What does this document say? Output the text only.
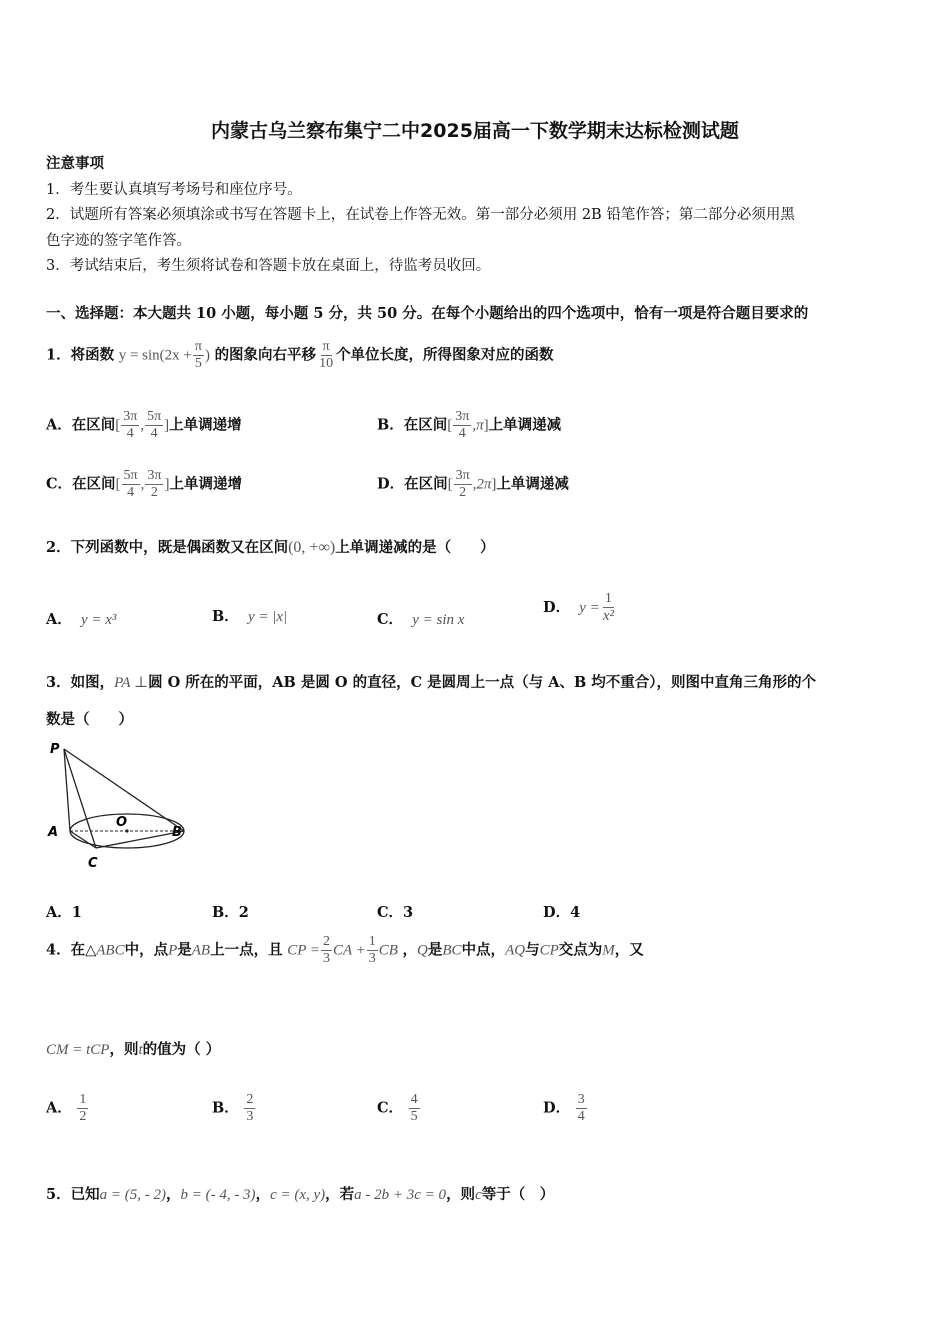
内蒙古乌兰察布集宁二中2025届高一下数学期末达标检测试题
注意事项
1．考生要认真填写考场号和座位序号。
2．试题所有答案必须填涂或书写在答题卡上，在试卷上作答无效。第一部分必须用 2B 铅笔作答；第二部分必须用黑
色字迹的签字笔作答。
3．考试结束后，考生须将试卷和答题卡放在桌面上，待监考员收回。
一、选择题：本大题共 10 小题，每小题 5 分，共 50 分。在每个小题给出的四个选项中，恰有一项是符合题目要求的
1．将函数 $y = \sin(2x + \frac{\pi}{5}$ ) 的图象向右平移 $\frac{\pi}{10}$ 个单位长度，所得图象对应的函数
A．在区间[ $\frac{3\pi}{4}$ , $\frac{5\pi}{4}$ ]上单调递增	B．在区间[ $\frac{3\pi}{4} ,\pi$]上单调递减
C．在区间[ $\frac{5\pi}{4}$ , $\frac{3\pi}{2}$ ]上单调递增	D．在区间[ $\frac{3\pi}{2} ,2\pi$]上单调递减
2．下列函数中，既是偶函数又在区间(0, +∞)上单调递减的是（　　）
A． y = x³	B． y = |x|	C． y = sin x
D． $y = \frac{1}{\text{x²}}$
3．如图，PA ⊥圆 O 所在的平面，AB 是圆 O 的直径，C 是圆周上一点（与 A、B 均不重合），则图中直角三角形的个
数是（　　）
P
A
O
B
C
A．1	B．2	C．3	D．4
4．在△ABC中，点P是AB上一点，且 CP = $\frac{2}{3}$ CA + $\frac{1}{3}$ CB ，Q是BC中点，AQ与CP交点为M，又
CM = tCP，则t的值为（ ）
A． $\frac{1}{2}$	B． $\frac{2}{3}$	C． $\frac{4}{5}$	D． $\frac{3}{4}$
5．已知a = (5, - 2)，b = (- 4, - 3)，c = (x, y)，若a - 2b + 3c = 0，则c等于（　）
